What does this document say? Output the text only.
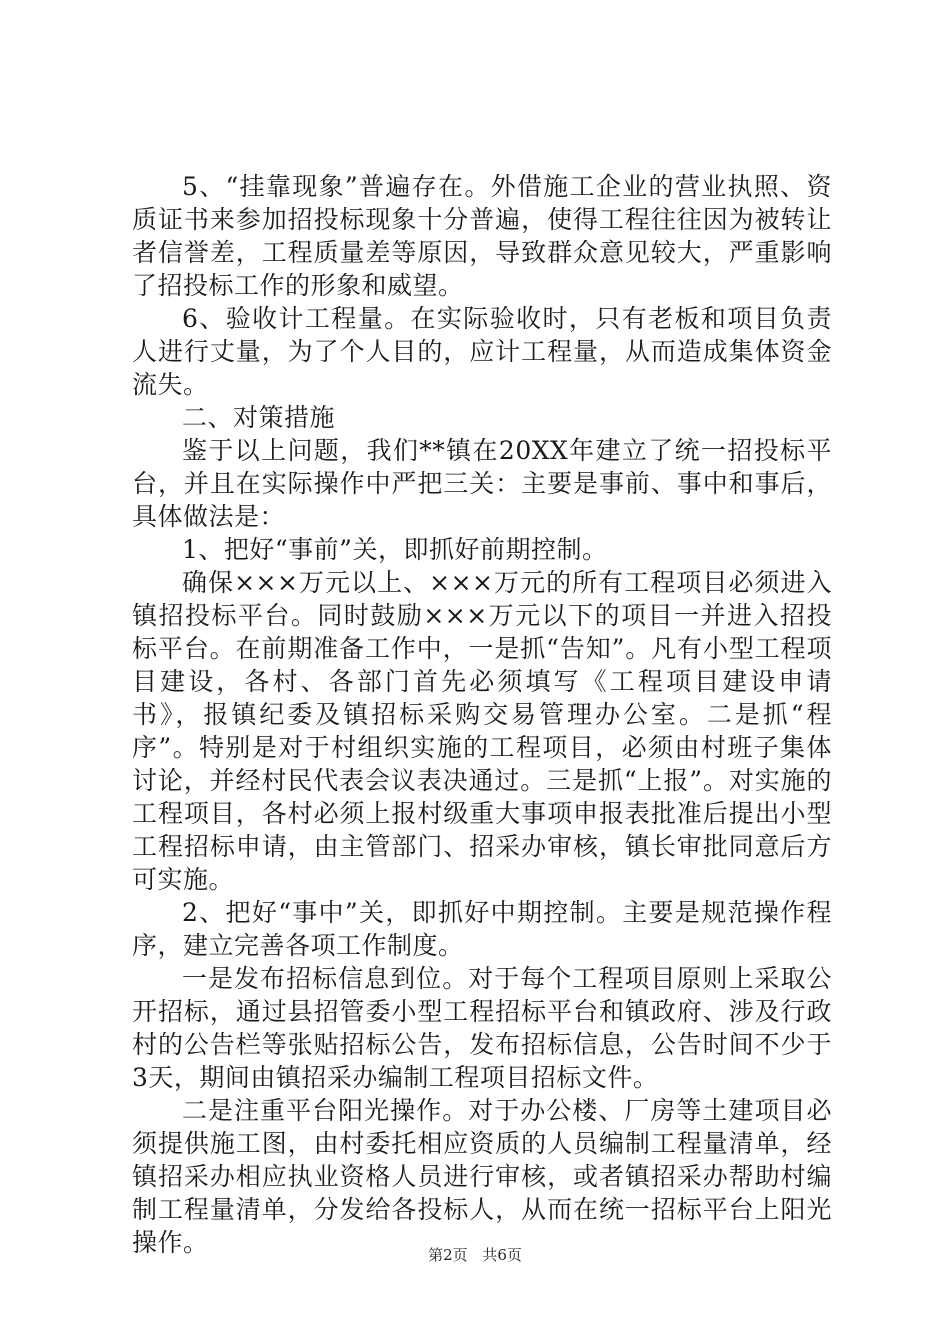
5、“挂靠现象”普遍存在。外借施工企业的营业执照、资质证书来参加招投标现象十分普遍，使得工程往往因为被转让者信誉差，工程质量差等原因，导致群众意见较大，严重影响了招投标工作的形象和威望。

6、验收计工程量。在实际验收时，只有老板和项目负责人进行丈量，为了个人目的，应计工程量，从而造成集体资金流失。

二、对策措施

鉴于以上问题，我们**镇在20XX年建立了统一招投标平台，并且在实际操作中严把三关：主要是事前、事中和事后，具体做法是：

1、把好“事前”关，即抓好前期控制。

确保×××万元以上、×××万元的所有工程项目必须进入镇招投标平台。同时鼓励×××万元以下的项目一并进入招投标平台。在前期准备工作中，一是抓“告知”。凡有小型工程项目建设，各村、各部门首先必须填写《工程项目建设申请书》，报镇纪委及镇招标采购交易管理办公室。二是抓“程序”。特别是对于村组织实施的工程项目，必须由村班子集体讨论，并经村民代表会议表决通过。三是抓“上报”。对实施的工程项目，各村必须上报村级重大事项申报表批准后提出小型工程招标申请，由主管部门、招采办审核，镇长审批同意后方可实施。

2、把好“事中”关，即抓好中期控制。主要是规范操作程序，建立完善各项工作制度。

一是发布招标信息到位。对于每个工程项目原则上采取公开招标，通过县招管委小型工程招标平台和镇政府、涉及行政村的公告栏等张贴招标公告，发布招标信息，公告时间不少于3天，期间由镇招采办编制工程项目招标文件。

二是注重平台阳光操作。对于办公楼、厂房等土建项目必须提供施工图，由村委托相应资质的人员编制工程量清单，经镇招采办相应执业资格人员进行审核，或者镇招采办帮助村编制工程量清单，分发给各投标人，从而在统一招标平台上阳光操作。	第2页 共6页
